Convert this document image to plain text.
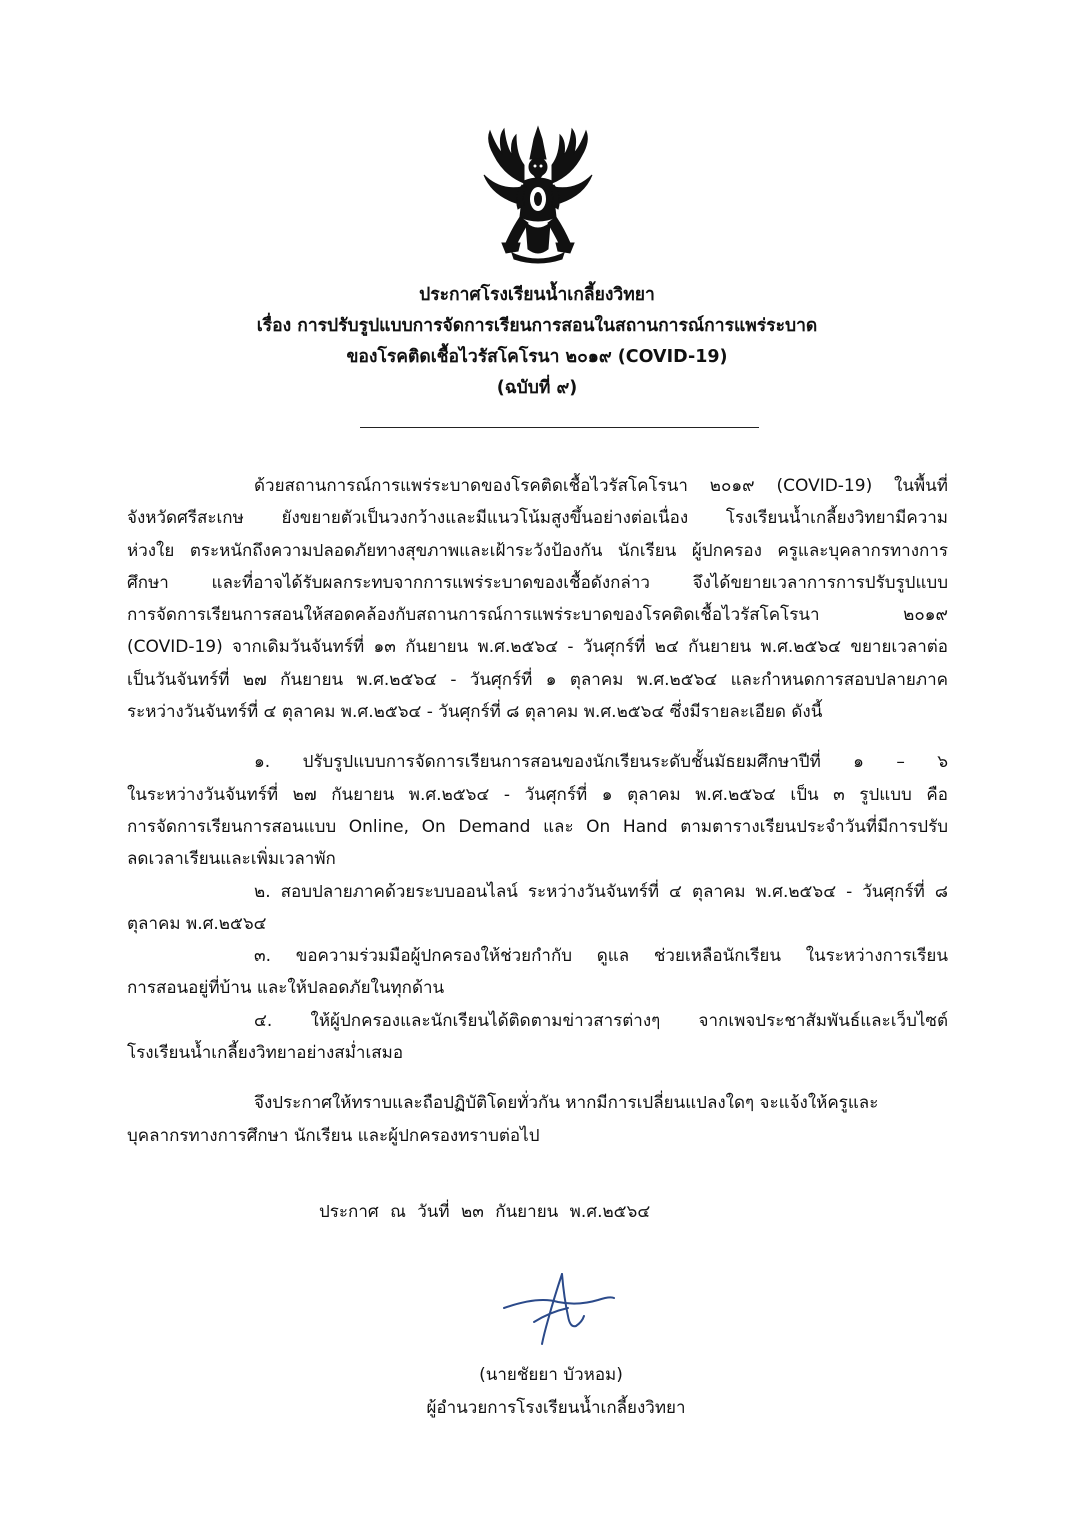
ประกาศโรงเรียนน้ำเกลี้ยงวิทยา
เรื่อง การปรับรูปแบบการจัดการเรียนการสอนในสถานการณ์การแพร่ระบาด
ของโรคติดเชื้อไวรัสโคโรนา ๒๐๑๙ (COVID-19)
(ฉบับที่ ๙)
ด้วยสถานการณ์การแพร่ระบาดของโรคติดเชื้อไวรัสโคโรนา ๒๐๑๙ (COVID-19) ในพื้นที่
จังหวัดศรีสะเกษ ยังขยายตัวเป็นวงกว้างและมีแนวโน้มสูงขึ้นอย่างต่อเนื่อง โรงเรียนน้ำเกลี้ยงวิทยามีความ
ห่วงใย ตระหนักถึงความปลอดภัยทางสุขภาพและเฝ้าระวังป้องกัน นักเรียน ผู้ปกครอง ครูและบุคลากรทางการ
ศึกษา และที่อาจได้รับผลกระทบจากการแพร่ระบาดของเชื้อดังกล่าว จึงได้ขยายเวลาการการปรับรูปแบบ
การจัดการเรียนการสอนให้สอดคล้องกับสถานการณ์การแพร่ระบาดของโรคติดเชื้อไวรัสโคโรนา ๒๐๑๙
(COVID-19) จากเดิมวันจันทร์ที่ ๑๓ กันยายน พ.ศ.๒๕๖๔ - วันศุกร์ที่ ๒๔ กันยายน พ.ศ.๒๕๖๔ ขยายเวลาต่อ
เป็นวันจันทร์ที่ ๒๗ กันยายน พ.ศ.๒๕๖๔ - วันศุกร์ที่ ๑ ตุลาคม พ.ศ.๒๕๖๔ และกำหนดการสอบปลายภาค
ระหว่างวันจันทร์ที่ ๔ ตุลาคม พ.ศ.๒๕๖๔ - วันศุกร์ที่ ๘ ตุลาคม พ.ศ.๒๕๖๔ ซึ่งมีรายละเอียด ดังนี้
๑. ปรับรูปแบบการจัดการเรียนการสอนของนักเรียนระดับชั้นมัธยมศึกษาปีที่ ๑ – ๖
ในระหว่างวันจันทร์ที่ ๒๗ กันยายน พ.ศ.๒๕๖๔ - วันศุกร์ที่ ๑ ตุลาคม พ.ศ.๒๕๖๔ เป็น ๓ รูปแบบ คือ
การจัดการเรียนการสอนแบบ Online, On Demand และ On Hand ตามตารางเรียนประจำวันที่มีการปรับ
ลดเวลาเรียนและเพิ่มเวลาพัก
๒. สอบปลายภาคด้วยระบบออนไลน์ ระหว่างวันจันทร์ที่ ๔ ตุลาคม พ.ศ.๒๕๖๔ - วันศุกร์ที่ ๘
ตุลาคม พ.ศ.๒๕๖๔
๓. ขอความร่วมมือผู้ปกครองให้ช่วยกำกับ ดูแล ช่วยเหลือนักเรียน ในระหว่างการเรียน
การสอนอยู่ที่บ้าน และให้ปลอดภัยในทุกด้าน
๔. ให้ผู้ปกครองและนักเรียนได้ติดตามข่าวสารต่างๆ จากเพจประชาสัมพันธ์และเว็บไซต์
โรงเรียนน้ำเกลี้ยงวิทยาอย่างสม่ำเสมอ
จึงประกาศให้ทราบและถือปฏิบัติโดยทั่วกัน หากมีการเปลี่ยนแปลงใดๆ จะแจ้งให้ครูและ
บุคลากรทางการศึกษา นักเรียน และผู้ปกครองทราบต่อไป
ประกาศ ณ วันที่ ๒๓ กันยายน พ.ศ.๒๕๖๔
(นายชัยยา บัวหอม)
ผู้อำนวยการโรงเรียนน้ำเกลี้ยงวิทยา
